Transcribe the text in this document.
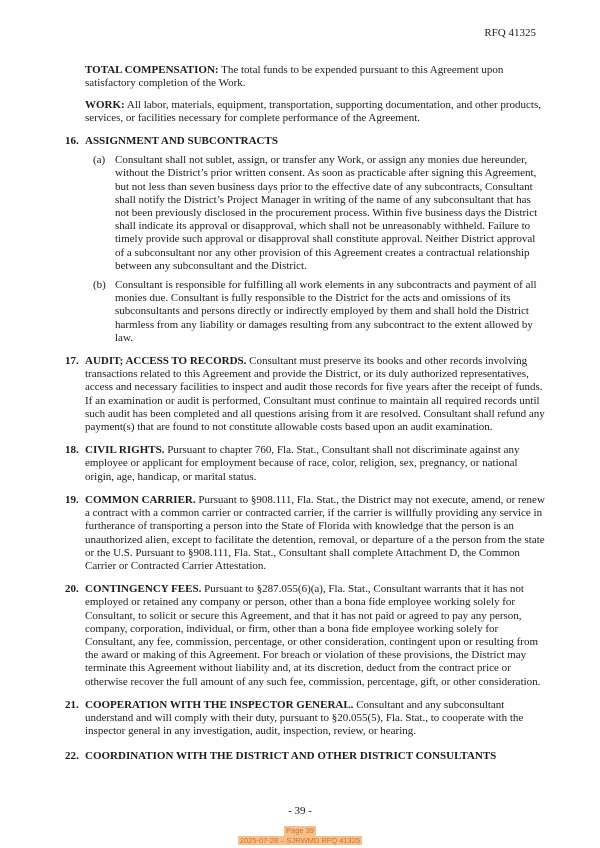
RFQ 41325
TOTAL COMPENSATION: The total funds to be expended pursuant to this Agreement upon satisfactory completion of the Work.
WORK: All labor, materials, equipment, transportation, supporting documentation, and other products, services, or facilities necessary for complete performance of the Agreement.
16. ASSIGNMENT AND SUBCONTRACTS
(a) Consultant shall not sublet, assign, or transfer any Work, or assign any monies due hereunder, without the District’s prior written consent. As soon as practicable after signing this Agreement, but not less than seven business days prior to the effective date of any subcontracts, Consultant shall notify the District’s Project Manager in writing of the name of any subconsultant that has not been previously disclosed in the procurement process. Within five business days the District shall indicate its approval or disapproval, which shall not be unreasonably withheld. Failure to timely provide such approval or disapproval shall constitute approval. Neither District approval of a subconsultant nor any other provision of this Agreement creates a contractual relationship between any subconsultant and the District.
(b) Consultant is responsible for fulfilling all work elements in any subcontracts and payment of all monies due. Consultant is fully responsible to the District for the acts and omissions of its subconsultants and persons directly or indirectly employed by them and shall hold the District harmless from any liability or damages resulting from any subcontract to the extent allowed by law.
17. AUDIT; ACCESS TO RECORDS. Consultant must preserve its books and other records involving transactions related to this Agreement and provide the District, or its duly authorized representatives, access and necessary facilities to inspect and audit those records for five years after the receipt of funds. If an examination or audit is performed, Consultant must continue to maintain all required records until such audit has been completed and all questions arising from it are resolved. Consultant shall refund any payment(s) that are found to not constitute allowable costs based upon an audit examination.
18. CIVIL RIGHTS. Pursuant to chapter 760, Fla. Stat., Consultant shall not discriminate against any employee or applicant for employment because of race, color, religion, sex, pregnancy, or national origin, age, handicap, or marital status.
19. COMMON CARRIER. Pursuant to §908.111, Fla. Stat., the District may not execute, amend, or renew a contract with a common carrier or contracted carrier, if the carrier is willfully providing any service in furtherance of transporting a person into the State of Florida with knowledge that the person is an unauthorized alien, except to facilitate the detention, removal, or departure of a the person from the state or the U.S. Pursuant to §908.111, Fla. Stat., Consultant shall complete Attachment D, the Common Carrier or Contracted Carrier Attestation.
20. CONTINGENCY FEES. Pursuant to §287.055(6)(a), Fla. Stat., Consultant warrants that it has not employed or retained any company or person, other than a bona fide employee working solely for Consultant, to solicit or secure this Agreement, and that it has not paid or agreed to pay any person, company, corporation, individual, or firm, other than a bona fide employee working solely for Consultant, any fee, commission, percentage, or other consideration, contingent upon or resulting from the award or making of this Agreement. For breach or violation of these provisions, the District may terminate this Agreement without liability and, at its discretion, deduct from the contract price or otherwise recover the full amount of any such fee, commission, percentage, gift, or other consideration.
21. COOPERATION WITH THE INSPECTOR GENERAL. Consultant and any subconsultant understand and will comply with their duty, pursuant to §20.055(5), Fla. Stat., to cooperate with the inspector general in any investigation, audit, inspection, review, or hearing.
22. COORDINATION WITH THE DISTRICT AND OTHER DISTRICT CONSULTANTS
- 39 -
Page 39
2025-07-28 – SJRWMD RFQ 41325
